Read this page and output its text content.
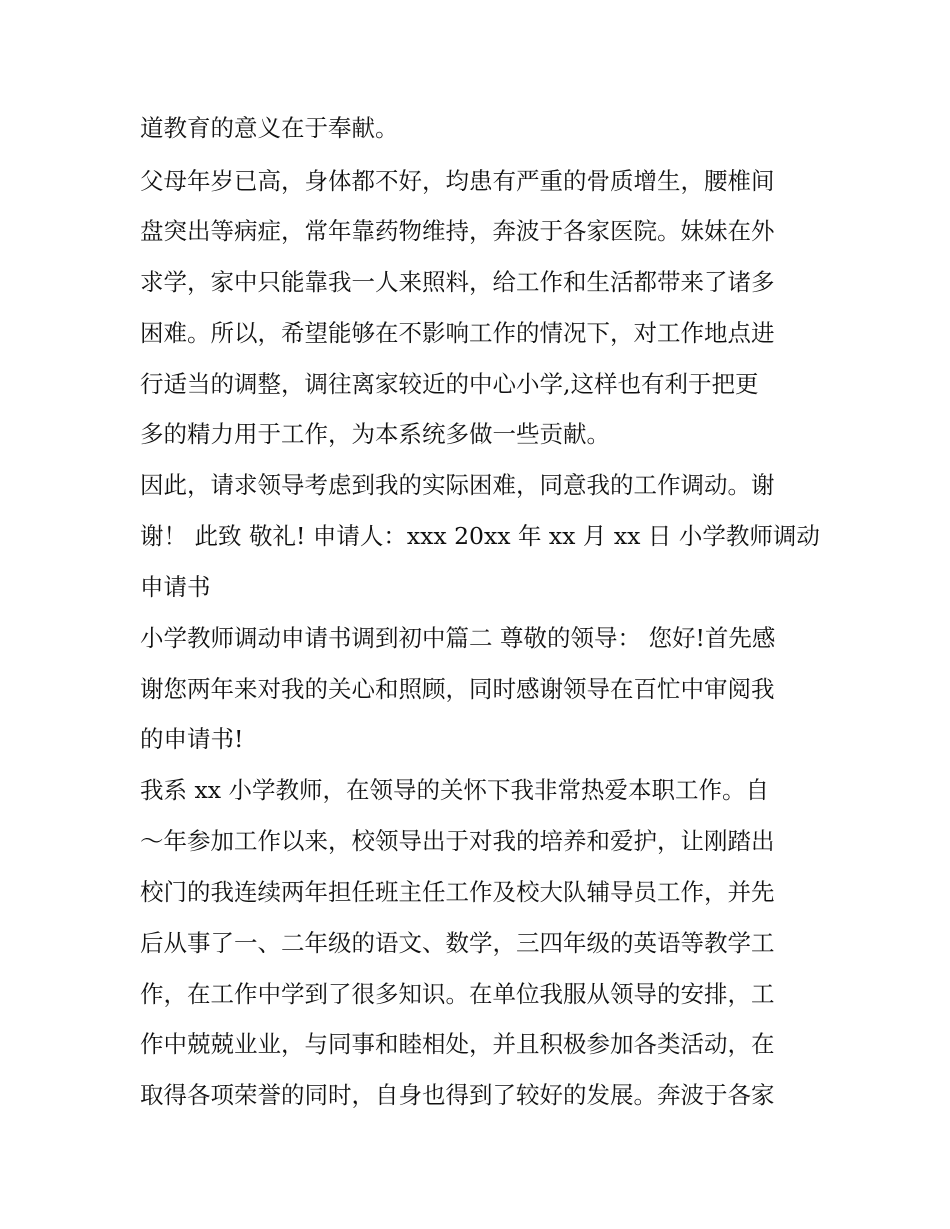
道教育的意义在于奉献。
父母年岁已高，身体都不好，均患有严重的骨质增生，腰椎间
盘突出等病症，常年靠药物维持，奔波于各家医院。妹妹在外
求学，家中只能靠我一人来照料，给工作和生活都带来了诸多
困难。所以，希望能够在不影响工作的情况下，对工作地点进
行适当的调整，调往离家较近的中心小学,这样也有利于把更
多的精力用于工作，为本系统多做一些贡献。
因此，请求领导考虑到我的实际困难，同意我的工作调动。谢
谢！ 此致 敬礼! 申请人：xxx 20xx 年 xx 月 xx 日 小学教师调动
申请书
小学教师调动申请书调到初中篇二 尊敬的领导： 您好!首先感
谢您两年来对我的关心和照顾，同时感谢领导在百忙中审阅我
的申请书!
我系 xx 小学教师，在领导的关怀下我非常热爱本职工作。自
～年参加工作以来，校领导出于对我的培养和爱护，让刚踏出
校门的我连续两年担任班主任工作及校大队辅导员工作，并先
后从事了一、二年级的语文、数学，三四年级的英语等教学工
作，在工作中学到了很多知识。在单位我服从领导的安排，工
作中兢兢业业，与同事和睦相处，并且积极参加各类活动，在
取得各项荣誉的同时，自身也得到了较好的发展。奔波于各家
